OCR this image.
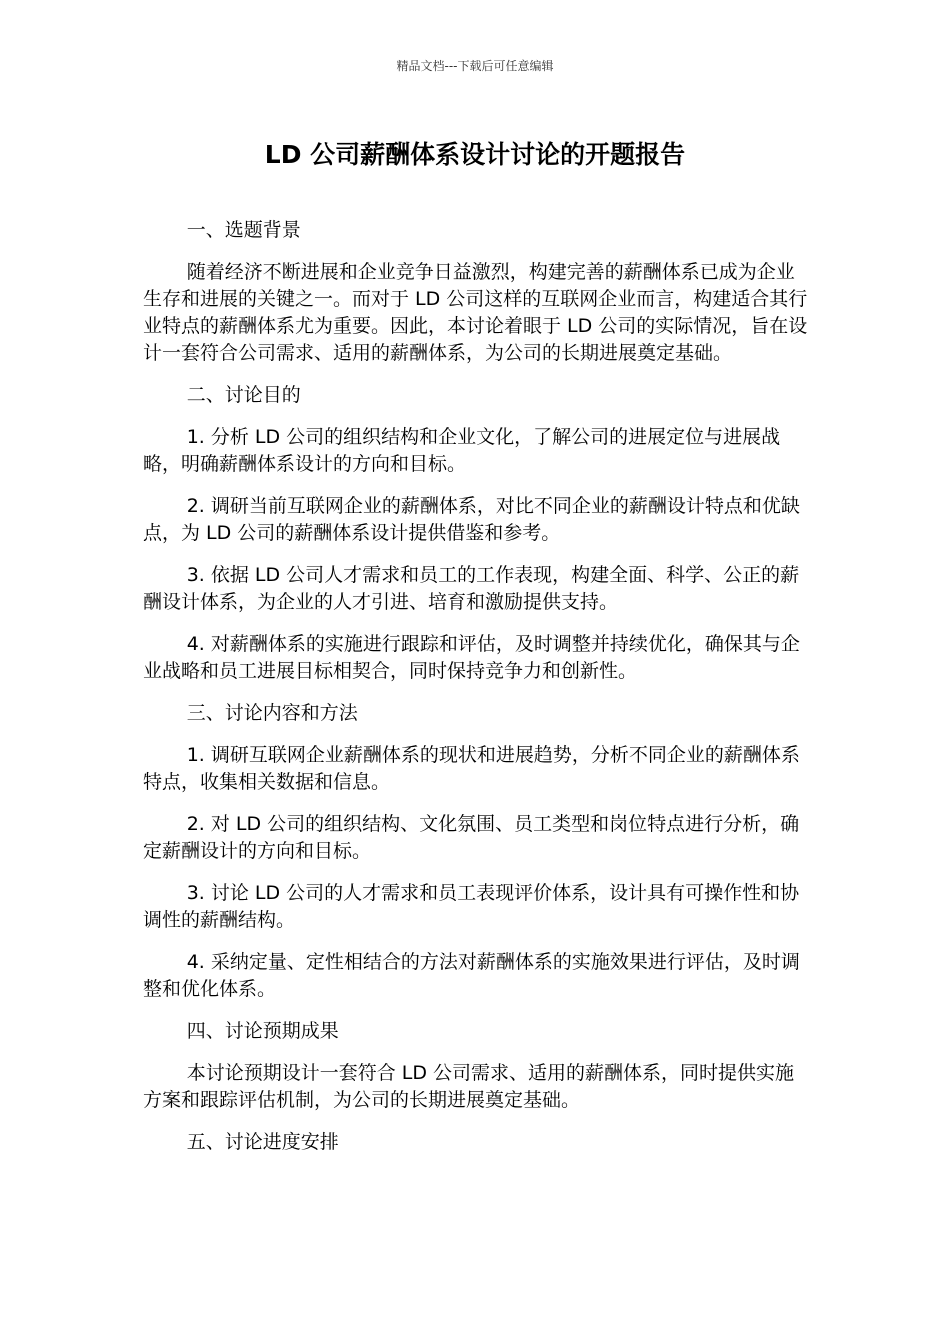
精品文档---下载后可任意编辑
LD 公司薪酬体系设计讨论的开题报告
一、选题背景

随着经济不断进展和企业竞争日益激烈，构建完善的薪酬体系已成为企业生存和进展的关键之一。而对于 LD 公司这样的互联网企业而言，构建适合其行业特点的薪酬体系尤为重要。因此，本讨论着眼于 LD 公司的实际情况，旨在设计一套符合公司需求、适用的薪酬体系，为公司的长期进展奠定基础。

二、讨论目的

1. 分析 LD 公司的组织结构和企业文化，了解公司的进展定位与进展战略，明确薪酬体系设计的方向和目标。

2. 调研当前互联网企业的薪酬体系，对比不同企业的薪酬设计特点和优缺点，为 LD 公司的薪酬体系设计提供借鉴和参考。

3. 依据 LD 公司人才需求和员工的工作表现，构建全面、科学、公正的薪酬设计体系，为企业的人才引进、培育和激励提供支持。

4. 对薪酬体系的实施进行跟踪和评估，及时调整并持续优化，确保其与企业战略和员工进展目标相契合，同时保持竞争力和创新性。

三、讨论内容和方法

1. 调研互联网企业薪酬体系的现状和进展趋势，分析不同企业的薪酬体系特点，收集相关数据和信息。

2. 对 LD 公司的组织结构、文化氛围、员工类型和岗位特点进行分析，确定薪酬设计的方向和目标。

3. 讨论 LD 公司的人才需求和员工表现评价体系，设计具有可操作性和协调性的薪酬结构。

4. 采纳定量、定性相结合的方法对薪酬体系的实施效果进行评估，及时调整和优化体系。

四、讨论预期成果

本讨论预期设计一套符合 LD 公司需求、适用的薪酬体系，同时提供实施方案和跟踪评估机制，为公司的长期进展奠定基础。

五、讨论进度安排
